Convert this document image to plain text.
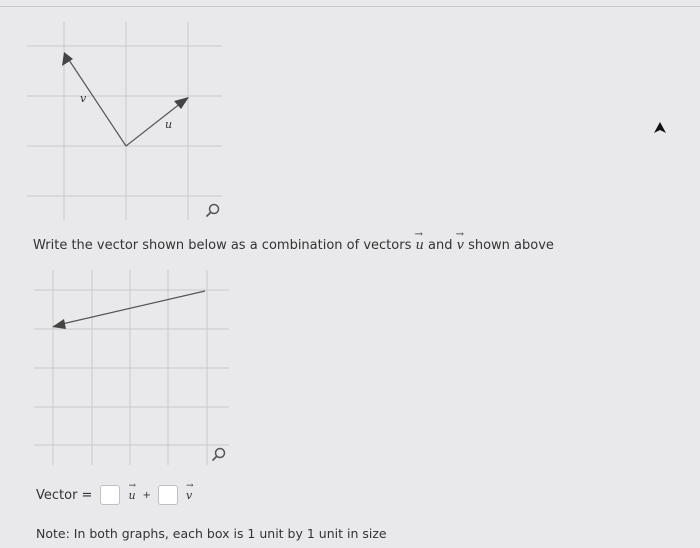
v
u
Write the vector shown below as a combination of vectors
→
u and
→
v shown above
Vector =
→
u +
→
v
Note: In both graphs, each box is 1 unit by 1 unit in size
